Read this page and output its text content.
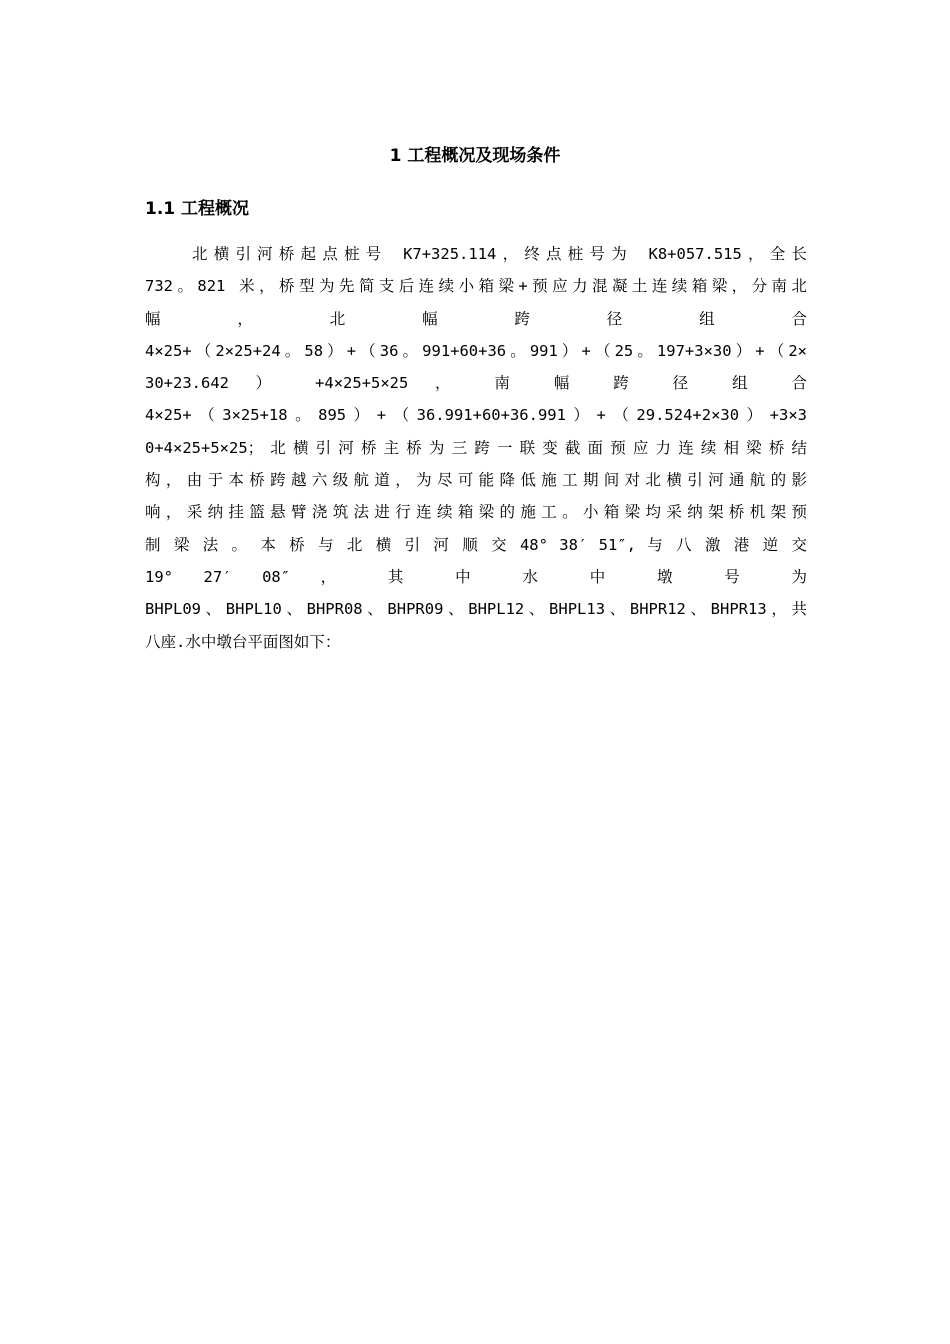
1 工程概况及现场条件
1.1 工程概况
北横引河桥起点桩号 K7+325.114，终点桩号为 K8+057.515，全长
732。821 米，桥型为先简支后连续小箱梁+预应力混凝土连续箱梁，分南北
幅 ， 北 幅 跨 径 组 合
4×25+（2×25+24。58）+（36。991+60+36。991）+（25。197+3×30）+（2×
30+23.642 ） +4×25+5×25 ， 南 幅 跨 径 组 合
4×25+（3×25+18。895）+（36.991+60+36.991）+（29.524+2×30）+3×3
0+4×25+5×25；北横引河桥主桥为三跨一联变截面预应力连续相梁桥结
构，由于本桥跨越六级航道，为尽可能降低施工期间对北横引河通航的影
响，采纳挂篮悬臂浇筑法进行连续箱梁的施工。小箱梁均采纳架桥机架预
制 梁 法 。 本 桥 与 北 横 引 河 顺 交 48° 38′ 51″, 与 八 激 港 逆 交
19° 27′ 08″ ， 其 中 水 中 墩 号 为
BHPL09、BHPL10、BHPR08、BHPR09、BHPL12、BHPL13、BHPR12、BHPR13，共
八座.水中墩台平面图如下：
